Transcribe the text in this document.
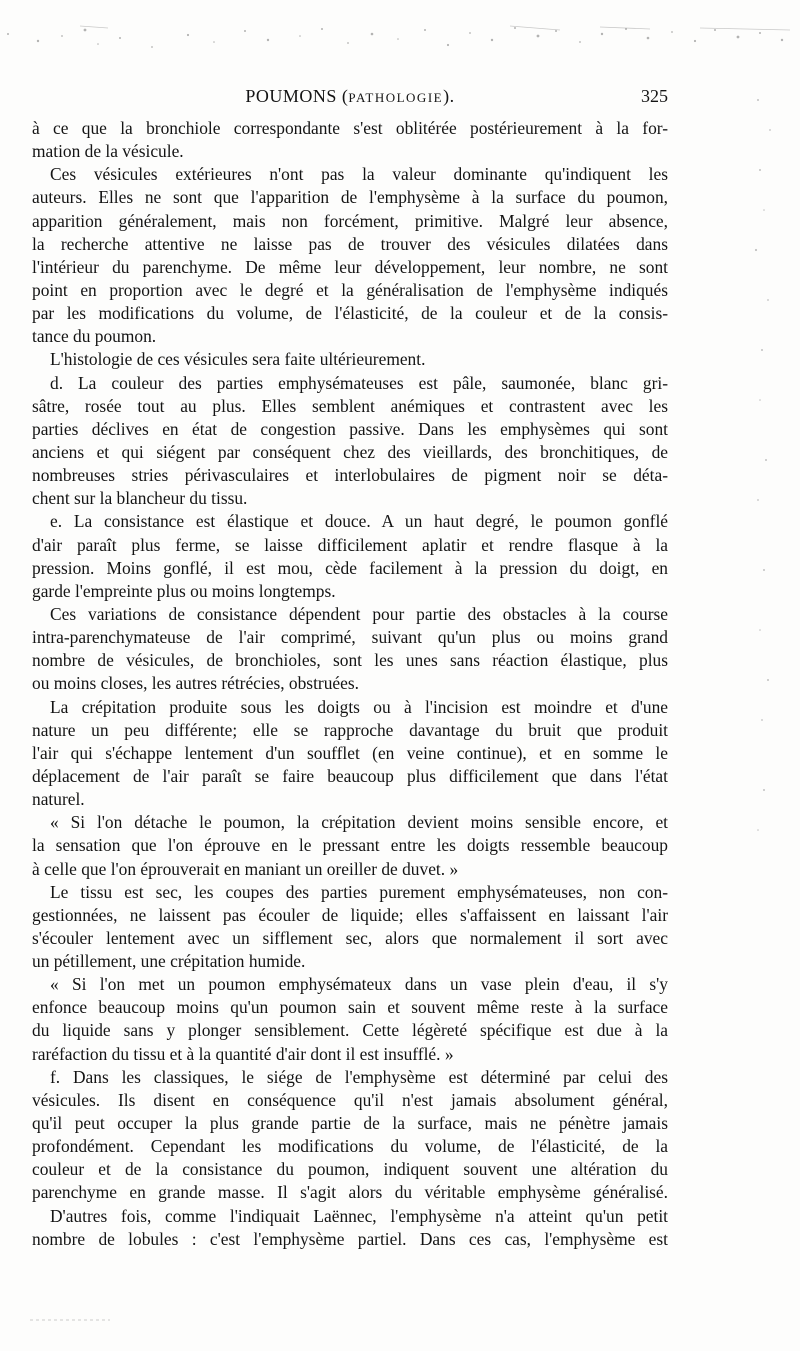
POUMONS (PATHOLOGIE).	325
à ce que la bronchiole correspondante s'est oblitérée postérieurement à la for-
mation de la vésicule.
Ces vésicules extérieures n'ont pas la valeur dominante qu'indiquent les
auteurs. Elles ne sont que l'apparition de l'emphysème à la surface du poumon,
apparition généralement, mais non forcément, primitive. Malgré leur absence,
la recherche attentive ne laisse pas de trouver des vésicules dilatées dans
l'intérieur du parenchyme. De même leur développement, leur nombre, ne sont
point en proportion avec le degré et la généralisation de l'emphysème indiqués
par les modifications du volume, de l'élasticité, de la couleur et de la consis-
tance du poumon.
L'histologie de ces vésicules sera faite ultérieurement.
d. La couleur des parties emphysémateuses est pâle, saumonée, blanc gri-
sâtre, rosée tout au plus. Elles semblent anémiques et contrastent avec les
parties déclives en état de congestion passive. Dans les emphysèmes qui sont
anciens et qui siégent par conséquent chez des vieillards, des bronchitiques, de
nombreuses stries périvasculaires et interlobulaires de pigment noir se déta-
chent sur la blancheur du tissu.
e. La consistance est élastique et douce. A un haut degré, le poumon gonflé
d'air paraît plus ferme, se laisse difficilement aplatir et rendre flasque à la
pression. Moins gonflé, il est mou, cède facilement à la pression du doigt, en
garde l'empreinte plus ou moins longtemps.
Ces variations de consistance dépendent pour partie des obstacles à la course
intra-parenchymateuse de l'air comprimé, suivant qu'un plus ou moins grand
nombre de vésicules, de bronchioles, sont les unes sans réaction élastique, plus
ou moins closes, les autres rétrécies, obstruées.
La crépitation produite sous les doigts ou à l'incision est moindre et d'une
nature un peu différente; elle se rapproche davantage du bruit que produit
l'air qui s'échappe lentement d'un soufflet (en veine continue), et en somme le
déplacement de l'air paraît se faire beaucoup plus difficilement que dans l'état
naturel.
« Si l'on détache le poumon, la crépitation devient moins sensible encore, et
la sensation que l'on éprouve en le pressant entre les doigts ressemble beaucoup
à celle que l'on éprouverait en maniant un oreiller de duvet. »
Le tissu est sec, les coupes des parties purement emphysémateuses, non con-
gestionnées, ne laissent pas écouler de liquide; elles s'affaissent en laissant l'air
s'écouler lentement avec un sifflement sec, alors que normalement il sort avec
un pétillement, une crépitation humide.
« Si l'on met un poumon emphysémateux dans un vase plein d'eau, il s'y
enfonce beaucoup moins qu'un poumon sain et souvent même reste à la surface
du liquide sans y plonger sensiblement. Cette légèreté spécifique est due à la
raréfaction du tissu et à la quantité d'air dont il est insufflé. »
f. Dans les classiques, le siége de l'emphysème est déterminé par celui des
vésicules. Ils disent en conséquence qu'il n'est jamais absolument général,
qu'il peut occuper la plus grande partie de la surface, mais ne pénètre jamais
profondément. Cependant les modifications du volume, de l'élasticité, de la
couleur et de la consistance du poumon, indiquent souvent une altération du
parenchyme en grande masse. Il s'agit alors du véritable emphysème généralisé.
D'autres fois, comme l'indiquait Laënnec, l'emphysème n'a atteint qu'un petit
nombre de lobules : c'est l'emphysème partiel. Dans ces cas, l'emphysème est
